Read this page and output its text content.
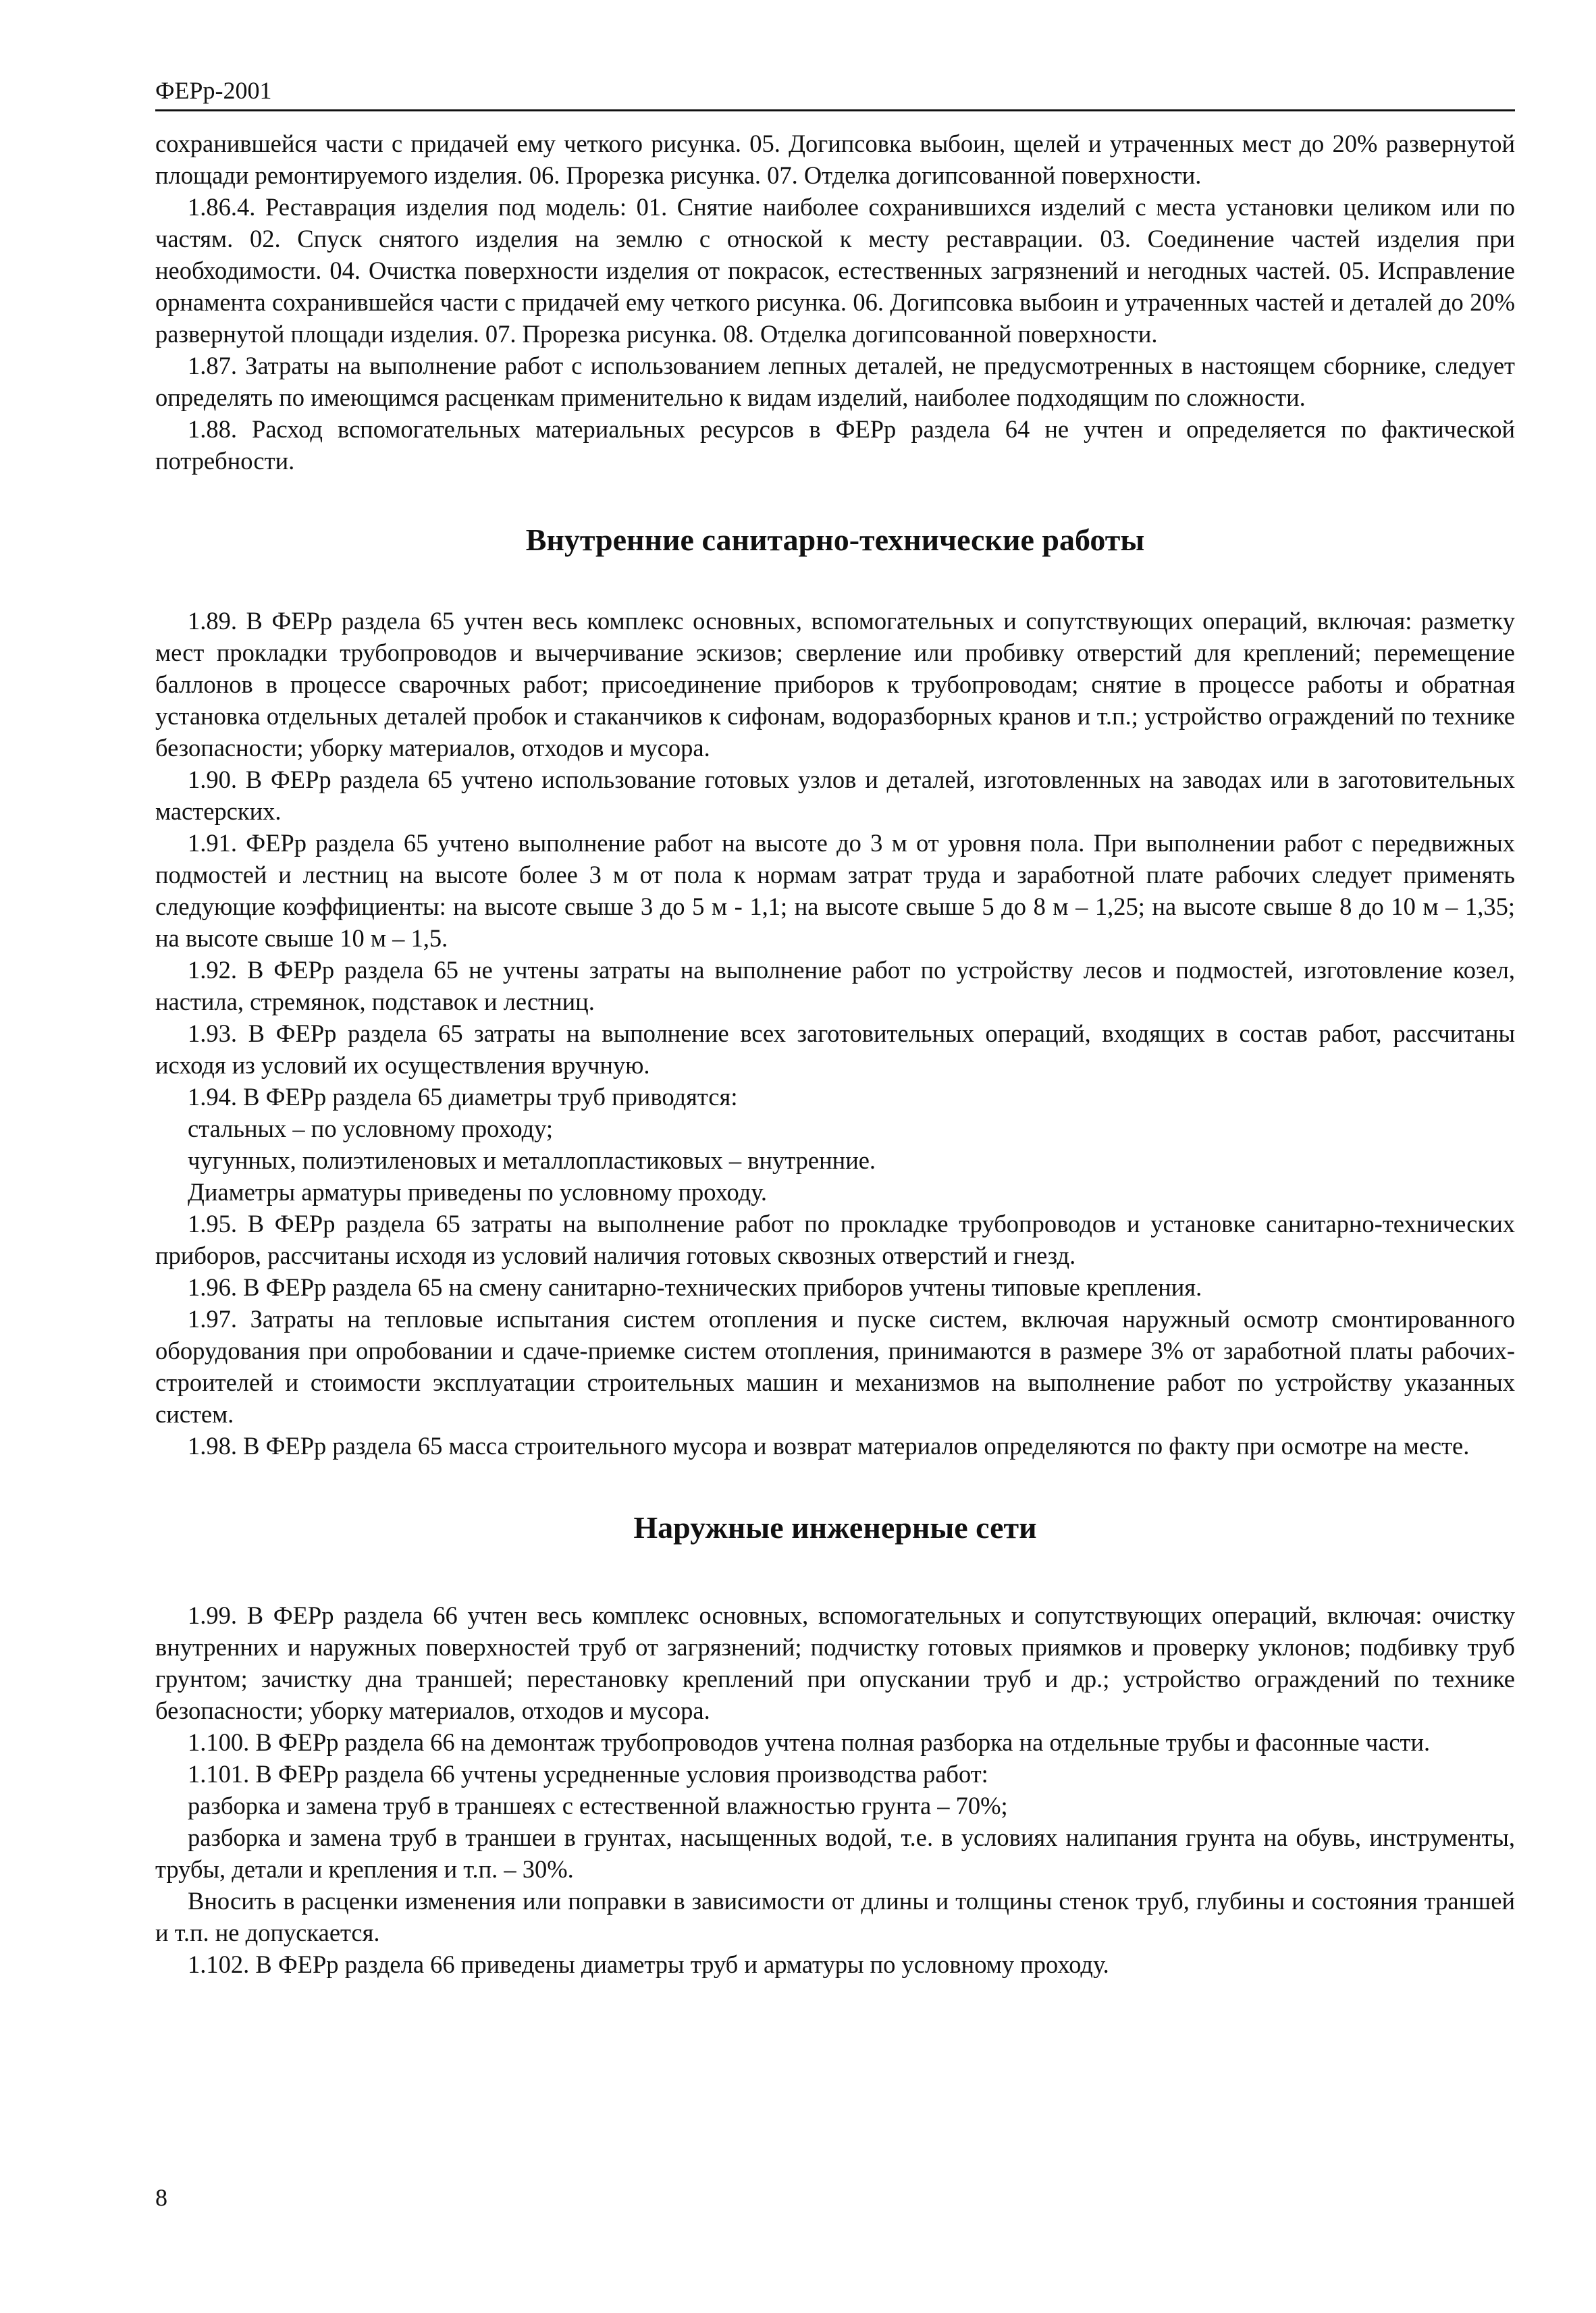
ФЕРр-2001

сохранившейся части с придачей ему четкого рисунка. 05. Догипсовка выбоин, щелей и утраченных мест до 20% развернутой площади ремонтируемого изделия. 06. Прорезка рисунка. 07. Отделка догипсованной поверхности.

1.86.4. Реставрация изделия под модель: 01. Снятие наиболее сохранившихся изделий с места установки целиком или по частям. 02. Спуск снятого изделия на землю с отноской к месту реставрации. 03. Соединение частей изделия при необходимости. 04. Очистка поверхности изделия от покрасок, естественных загрязнений и негодных частей. 05. Исправление орнамента сохранившейся части с придачей ему четкого рисунка. 06. Догипсовка выбоин и утраченных частей и деталей до 20% развернутой площади изделия. 07. Прорезка рисунка. 08. Отделка догипсованной поверхности.

1.87. Затраты на выполнение работ с использованием лепных деталей, не предусмотренных в настоящем сборнике, следует определять по имеющимся расценкам применительно к видам изделий, наиболее подходящим по сложности.

1.88. Расход вспомогательных материальных ресурсов в ФЕРр раздела 64 не учтен и определяется по фактической потребности.

Внутренние санитарно-технические работы

1.89. В ФЕРр раздела 65 учтен весь комплекс основных, вспомогательных и сопутствующих операций, включая: разметку мест прокладки трубопроводов и вычерчивание эскизов; сверление или пробивку отверстий для креплений; перемещение баллонов в процессе сварочных работ; присоединение приборов к трубопроводам; снятие в процессе работы и обратная установка отдельных деталей пробок и стаканчиков к сифонам, водоразборных кранов и т.п.; устройство ограждений по технике безопасности; уборку материалов, отходов и мусора.

1.90. В ФЕРр раздела 65 учтено использование готовых узлов и деталей, изготовленных на заводах или в заготовительных мастерских.

1.91. ФЕРр раздела 65 учтено выполнение работ на высоте до 3 м от уровня пола. При выполнении работ с передвижных подмостей и лестниц на высоте более 3 м от пола к нормам затрат труда и заработной плате рабочих следует применять следующие коэффициенты: на высоте свыше 3 до 5 м - 1,1; на высоте свыше 5 до 8 м – 1,25; на высоте свыше 8 до 10 м – 1,35; на высоте свыше 10 м – 1,5.

1.92. В ФЕРр раздела 65 не учтены затраты на выполнение работ по устройству лесов и подмостей, изготовление козел, настила, стремянок, подставок и лестниц.

1.93. В ФЕРр раздела 65 затраты на выполнение всех заготовительных операций, входящих в состав работ, рассчитаны исходя из условий их осуществления вручную.

1.94. В ФЕРр раздела 65 диаметры труб приводятся:

стальных – по условному проходу;

чугунных, полиэтиленовых и металлопластиковых – внутренние.

Диаметры арматуры приведены по условному проходу.

1.95. В ФЕРр раздела 65 затраты на выполнение работ по прокладке трубопроводов и установке санитарно-технических приборов, рассчитаны исходя из условий наличия готовых сквозных отверстий и гнезд.

1.96. В ФЕРр раздела 65 на смену санитарно-технических приборов учтены типовые крепления.

1.97. Затраты на тепловые испытания систем отопления и пуске систем, включая наружный осмотр смонтированного оборудования при опробовании и сдаче-приемке систем отопления, принимаются в размере 3% от заработной платы рабочих-строителей и стоимости эксплуатации строительных машин и механизмов на выполнение работ по устройству указанных систем.

1.98. В ФЕРр раздела 65 масса строительного мусора и возврат материалов определяются по факту при осмотре на месте.

Наружные инженерные сети

1.99. В ФЕРр раздела 66 учтен весь комплекс основных, вспомогательных и сопутствующих операций, включая: очистку внутренних и наружных поверхностей труб от загрязнений; подчистку готовых приямков и проверку уклонов; подбивку труб грунтом; зачистку дна траншей; перестановку креплений при опускании труб и др.; устройство ограждений по технике безопасности; уборку материалов, отходов и мусора.

1.100. В ФЕРр раздела 66 на демонтаж трубопроводов учтена полная разборка на отдельные трубы и фасонные части.

1.101. В ФЕРр раздела 66 учтены усредненные условия производства работ:

разборка и замена труб в траншеях с естественной влажностью грунта – 70%;

разборка и замена труб в траншеи в грунтах, насыщенных водой, т.е. в условиях налипания грунта на обувь, инструменты, трубы, детали и крепления и т.п. – 30%.

Вносить в расценки изменения или поправки в зависимости от длины и толщины стенок труб, глубины и состояния траншей и т.п. не допускается.

1.102. В ФЕРр раздела 66 приведены диаметры труб и арматуры по условному проходу.

8
